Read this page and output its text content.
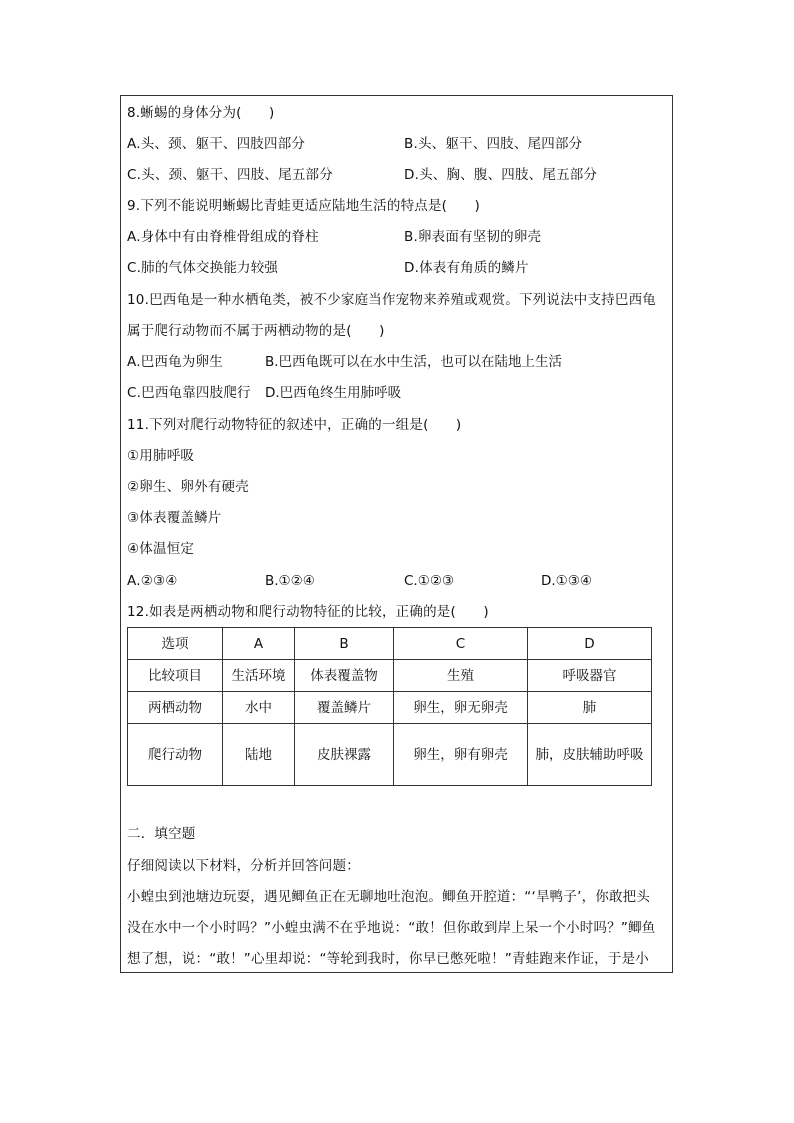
8.蜥蜴的身体分为(　　)
A.头、颈、躯干、四肢四部分	B.头、躯干、四肢、尾四部分
C.头、颈、躯干、四肢、尾五部分	D.头、胸、腹、四肢、尾五部分
9.下列不能说明蜥蜴比青蛙更适应陆地生活的特点是(　　)
A.身体中有由脊椎骨组成的脊柱	B.卵表面有坚韧的卵壳
C.肺的气体交换能力较强	D.体表有角质的鳞片
10.巴西龟是一种水栖龟类，被不少家庭当作宠物来养殖或观赏。下列说法中支持巴西龟
属于爬行动物而不属于两栖动物的是(　　)
A.巴西龟为卵生	B.巴西龟既可以在水中生活，也可以在陆地上生活
C.巴西龟靠四肢爬行 D.巴西龟终生用肺呼吸
11.下列对爬行动物特征的叙述中，正确的一组是(　　)
①用肺呼吸
②卵生、卵外有硬壳
③体表覆盖鳞片
④体温恒定
A.②③④	B.①②④	C.①②③	D.①③④
12.如表是两栖动物和爬行动物特征的比较，正确的是(　　)
选项	A	B	C	D
比较项目	生活环境	体表覆盖物	生殖	呼吸器官
两栖动物	水中	覆盖鳞片	卵生，卵无卵壳	肺
爬行动物	陆地	皮肤裸露	卵生，卵有卵壳	肺，皮肤辅助呼吸
二．填空题
仔细阅读以下材料，分析并回答问题：
小蝗虫到池塘边玩耍，遇见鲫鱼正在无聊地吐泡泡。鲫鱼开腔道：“‘旱鸭子’，你敢把头
没在水中一个小时吗？”小蝗虫满不在乎地说：“敢！但你敢到岸上呆一个小时吗？”鲫鱼
想了想，说：“敢！”心里却说：“等轮到我时，你早已憋死啦！”青蛙跑来作证，于是小
